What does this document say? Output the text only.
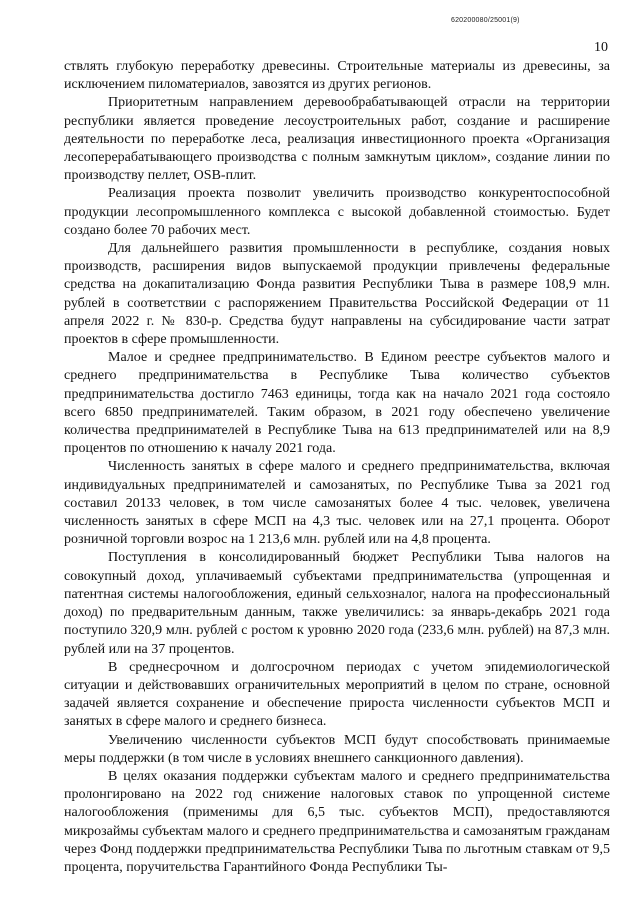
620200080/25001(9)
10

ствлять глубокую переработку древесины. Строительные материалы из древесины, за исключением пиломатериалов, завозятся из других регионов.

Приоритетным направлением деревообрабатывающей отрасли на территории республики является проведение лесоустроительных работ, создание и расширение деятельности по переработке леса, реализация инвестиционного проекта «Организация лесоперерабатывающего производства с полным замкнутым циклом», создание линии по производству пеллет, OSB-плит.

Реализация проекта позволит увеличить производство конкурентоспособной продукции лесопромышленного комплекса с высокой добавленной стоимостью. Будет создано более 70 рабочих мест.

Для дальнейшего развития промышленности в республике, создания новых производств, расширения видов выпускаемой продукции привлечены федеральные средства на докапитализацию Фонда развития Республики Тыва в размере 108,9 млн. рублей в соответствии с распоряжением Правительства Российской Федерации от 11 апреля 2022 г. № 830-р. Средства будут направлены на субсидирование части затрат проектов в сфере промышленности.

Малое и среднее предпринимательство. В Едином реестре субъектов малого и среднего предпринимательства в Республике Тыва количество субъектов предпринимательства достигло 7463 единицы, тогда как на начало 2021 года состояло всего 6850 предпринимателей. Таким образом, в 2021 году обеспечено увеличение количества предпринимателей в Республике Тыва на 613 предпринимателей или на 8,9 процентов по отношению к началу 2021 года.

Численность занятых в сфере малого и среднего предпринимательства, включая индивидуальных предпринимателей и самозанятых, по Республике Тыва за 2021 год составил 20133 человек, в том числе самозанятых более 4 тыс. человек, увеличена численность занятых в сфере МСП на 4,3 тыс. человек или на 27,1 процента. Оборот розничной торговли возрос на 1 213,6 млн. рублей или на 4,8 процента.

Поступления в консолидированный бюджет Республики Тыва налогов на совокупный доход, уплачиваемый субъектами предпринимательства (упрощенная и патентная системы налогообложения, единый сельхозналог, налога на профессиональный доход) по предварительным данным, также увеличились: за январь-декабрь 2021 года поступило 320,9 млн. рублей с ростом к уровню 2020 года (233,6 млн. рублей) на 87,3 млн. рублей или на 37 процентов.

В среднесрочном и долгосрочном периодах с учетом эпидемиологической ситуации и действовавших ограничительных мероприятий в целом по стране, основной задачей является сохранение и обеспечение прироста численности субъектов МСП и занятых в сфере малого и среднего бизнеса.

Увеличению численности субъектов МСП будут способствовать принимаемые меры поддержки (в том числе в условиях внешнего санкционного давления).

В целях оказания поддержки субъектам малого и среднего предпринимательства пролонгировано на 2022 год снижение налоговых ставок по упрощенной системе налогообложения (применимы для 6,5 тыс. субъектов МСП), предоставляются микрозаймы субъектам малого и среднего предпринимательства и самозанятым гражданам через Фонд поддержки предпринимательства Республики Тыва по льготным ставкам от 9,5 процента, поручительства Гарантийного Фонда Республики Ты-
